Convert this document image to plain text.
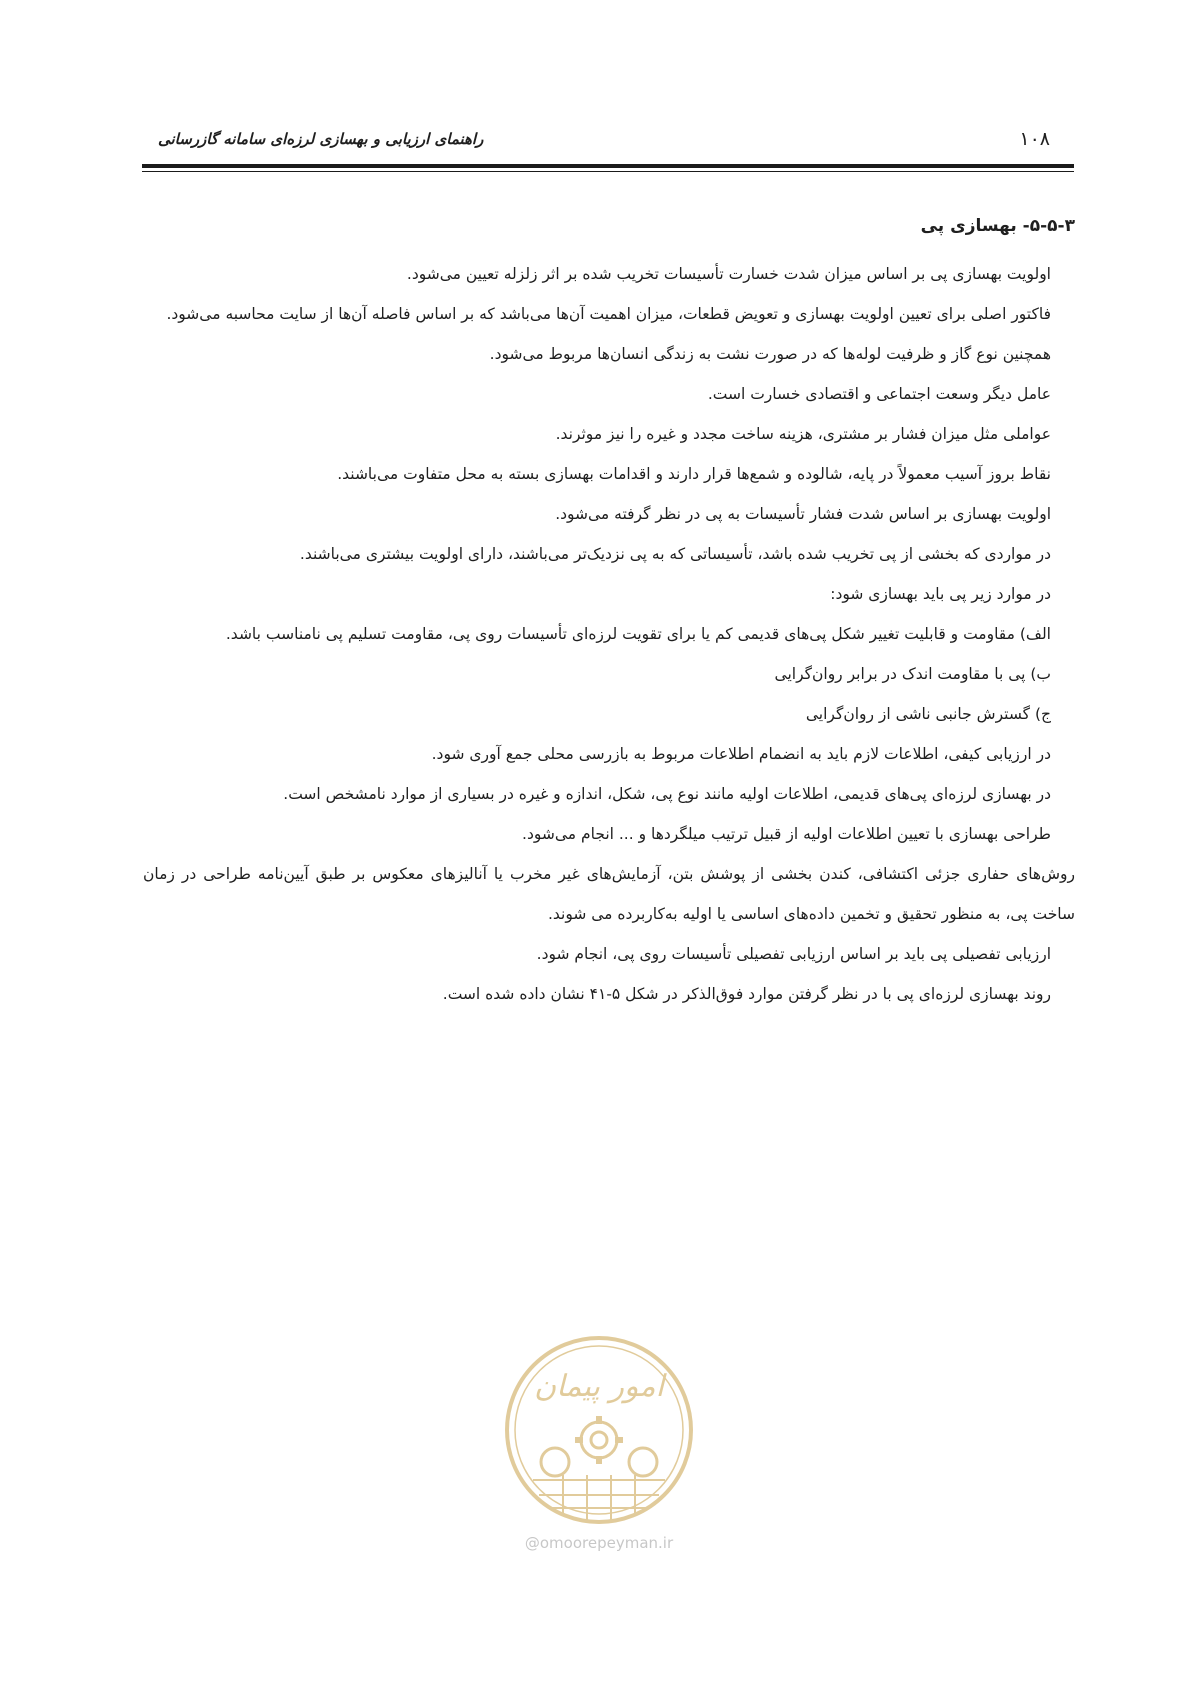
۱۰۸
راهنمای ارزیابی و بهسازی لرزه‌ای سامانه گازرسانی
۵-۵-۳- بهسازی پی

اولویت بهسازی پی بر اساس میزان شدت خسارت تأسیسات تخریب شده بر اثر زلزله تعیین می‌شود.

فاکتور اصلی برای تعیین اولویت بهسازی و تعویض قطعات، میزان اهمیت آن‌ها می‌باشد که بر اساس فاصله آن‌ها از سایت محاسبه می‌شود.

همچنین نوع گاز و ظرفیت لوله‌ها که در صورت نشت به زندگی انسان‌ها مربوط می‌شود.

عامل دیگر وسعت اجتماعی و اقتصادی خسارت است.

عواملی مثل میزان فشار بر مشتری، هزینه ساخت مجدد و غیره را نیز موثرند.

نقاط بروز آسیب معمولاً در پایه، شالوده و شمع‌ها قرار دارند و اقدامات بهسازی بسته به محل متفاوت می‌باشند.

اولویت بهسازی بر اساس شدت فشار تأسیسات به پی در نظر گرفته می‌شود.

در مواردی که بخشی از پی تخریب شده باشد، تأسیساتی که به پی نزدیک‌تر می‌باشند، دارای اولویت بیشتری می‌باشند.

در موارد زیر پی باید بهسازی شود:

الف) مقاومت و قابلیت تغییر شکل پی‌های قدیمی کم یا برای تقویت لرزه‌ای تأسیسات روی پی، مقاومت تسلیم پی نامناسب باشد.

ب) پی با مقاومت اندک در برابر روان‌گرایی

ج) گسترش جانبی ناشی از روان‌گرایی

در ارزیابی کیفی، اطلاعات لازم باید به انضمام اطلاعات مربوط به بازرسی محلی جمع آوری شود.

در بهسازی لرزه‌ای پی‌های قدیمی، اطلاعات اولیه مانند نوع پی، شکل، اندازه و غیره در بسیاری از موارد نامشخص است.

طراحی بهسازی با تعیین اطلاعات اولیه از قبیل ترتیب میلگردها و ... انجام می‌شود.

روش‌های حفاری جزئی اکتشافی، کندن بخشی از پوشش بتن، آزمایش‌های غیر مخرب یا آنالیزهای معکوس بر طبق آیین‌نامه طراحی در زمان ساخت پی، به منظور تحقیق و تخمین داده‌های اساسی یا اولیه به‌کاربرده می شوند.

ارزیابی تفصیلی پی باید بر اساس ارزیابی تفصیلی تأسیسات روی پی، انجام شود.

روند بهسازی لرزه‌ای پی با در نظر گرفتن موارد فوق‌الذکر در شکل ۵-۴۱ نشان داده شده است.

امور پیمان
@omoorepeyman.ir
